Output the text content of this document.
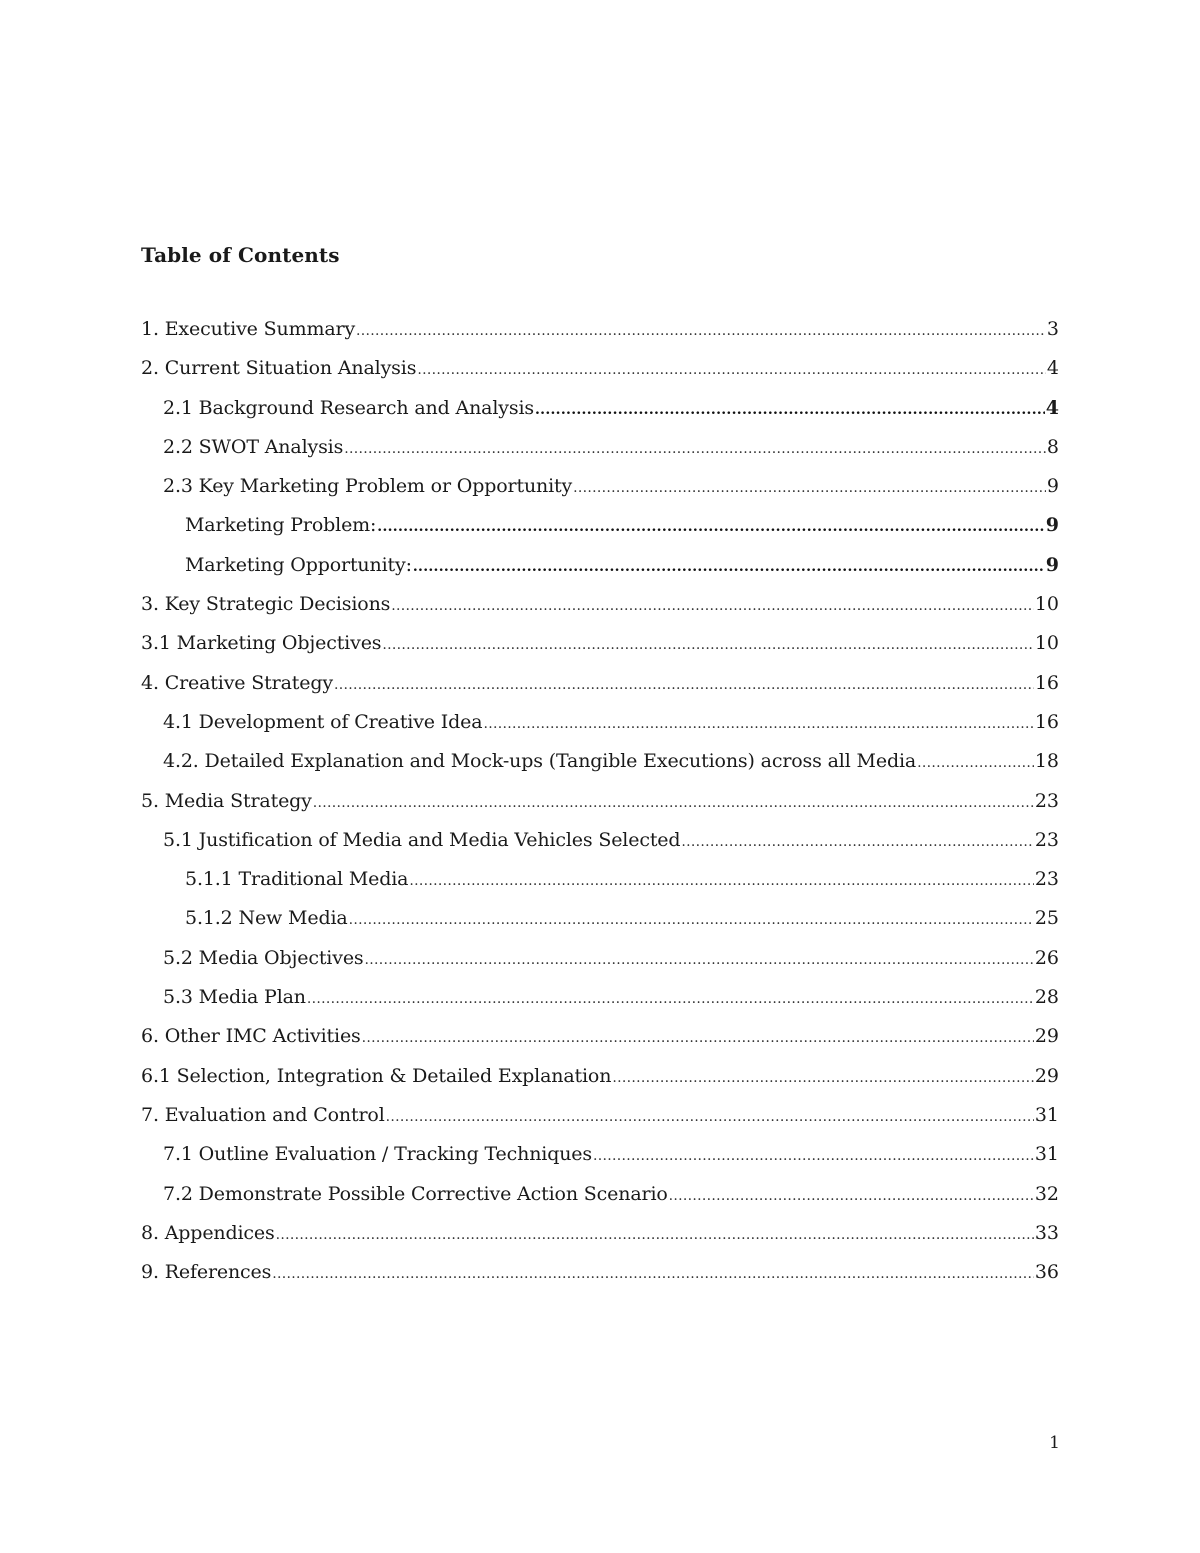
Table of Contents
1. Executive Summary .....	3
2. Current Situation Analysis .....	4
2.1 Background Research and Analysis .....	4
2.2 SWOT Analysis .....	8
2.3 Key Marketing Problem or Opportunity .....	9
Marketing Problem: .....	9
Marketing Opportunity: .....	9
3. Key Strategic Decisions .....	10
3.1 Marketing Objectives .....	10
4. Creative Strategy .....	16
4.1 Development of Creative Idea .....	16
4.2. Detailed Explanation and Mock-ups (Tangible Executions) across all Media .....	18
5. Media Strategy .....	23
5.1 Justification of Media and Media Vehicles Selected .....	23
5.1.1 Traditional Media .....	23
5.1.2 New Media .....	25
5.2 Media Objectives .....	26
5.3 Media Plan .....	28
6. Other IMC Activities .....	29
6.1 Selection, Integration & Detailed Explanation .....	29
7. Evaluation and Control .....	31
7.1 Outline Evaluation / Tracking Techniques .....	31
7.2 Demonstrate Possible Corrective Action Scenario .....	32
8. Appendices .....	33
9. References .....	36
1
